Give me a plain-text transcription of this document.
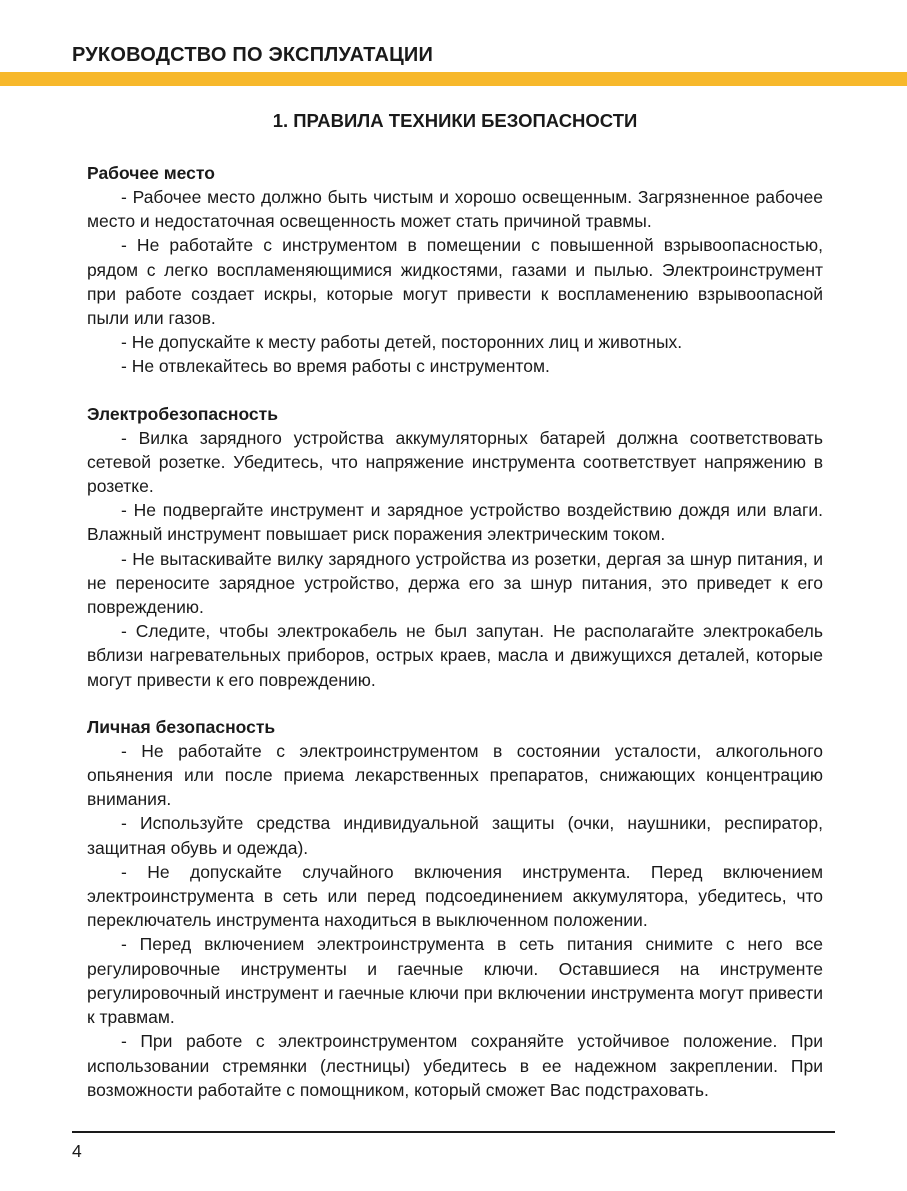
РУКОВОДСТВО ПО ЭКСПЛУАТАЦИИ
1. ПРАВИЛА ТЕХНИКИ БЕЗОПАСНОСТИ
Рабочее место

- Рабочее место должно быть чистым и хорошо освещенным. Загрязненное рабочее место и недостаточная освещенность может стать причиной травмы.

- Не работайте с инструментом в помещении с повышенной взрывоопасностью, рядом с легко воспламеняющимися жидкостями, газами и пылью. Электроинструмент при работе создает искры, которые могут привести к воспламенению взрывоопасной пыли или газов.

- Не допускайте к месту работы детей, посторонних лиц и животных.

- Не отвлекайтесь во время работы с инструментом.

Электробезопасность

- Вилка зарядного устройства аккумуляторных батарей должна соответствовать сетевой розетке. Убедитесь, что напряжение инструмента соответствует напряжению в розетке.

- Не подвергайте инструмент и зарядное устройство воздействию дождя или влаги. Влажный инструмент повышает риск поражения электрическим током.

- Не вытаскивайте вилку зарядного устройства из розетки, дергая за шнур питания, и не переносите зарядное устройство, держа его за шнур питания, это приведет к его повреждению.

- Следите, чтобы электрокабель не был запутан. Не располагайте электрокабель вблизи нагревательных приборов, острых краев, масла и движущихся деталей, которые могут привести к его повреждению.

Личная безопасность

- Не работайте с электроинструментом в состоянии усталости, алкогольного опьянения или после приема лекарственных препаратов, снижающих концентрацию внимания.

- Используйте средства индивидуальной защиты (очки, наушники, респиратор, защитная обувь и одежда).

- Не допускайте случайного включения инструмента. Перед включением электроинструмента в сеть или перед подсоединением аккумулятора, убедитесь, что переключатель инструмента находиться в выключенном положении.

- Перед включением электроинструмента в сеть питания снимите с него все регулировочные инструменты и гаечные ключи. Оставшиеся на инструменте регулировочный инструмент и гаечные ключи при включении инструмента могут привести к травмам.

- При работе с электроинструментом сохраняйте устойчивое положение. При использовании стремянки (лестницы) убедитесь в ее надежном закреплении. При возможности работайте с помощником, который сможет Вас подстраховать.

4
